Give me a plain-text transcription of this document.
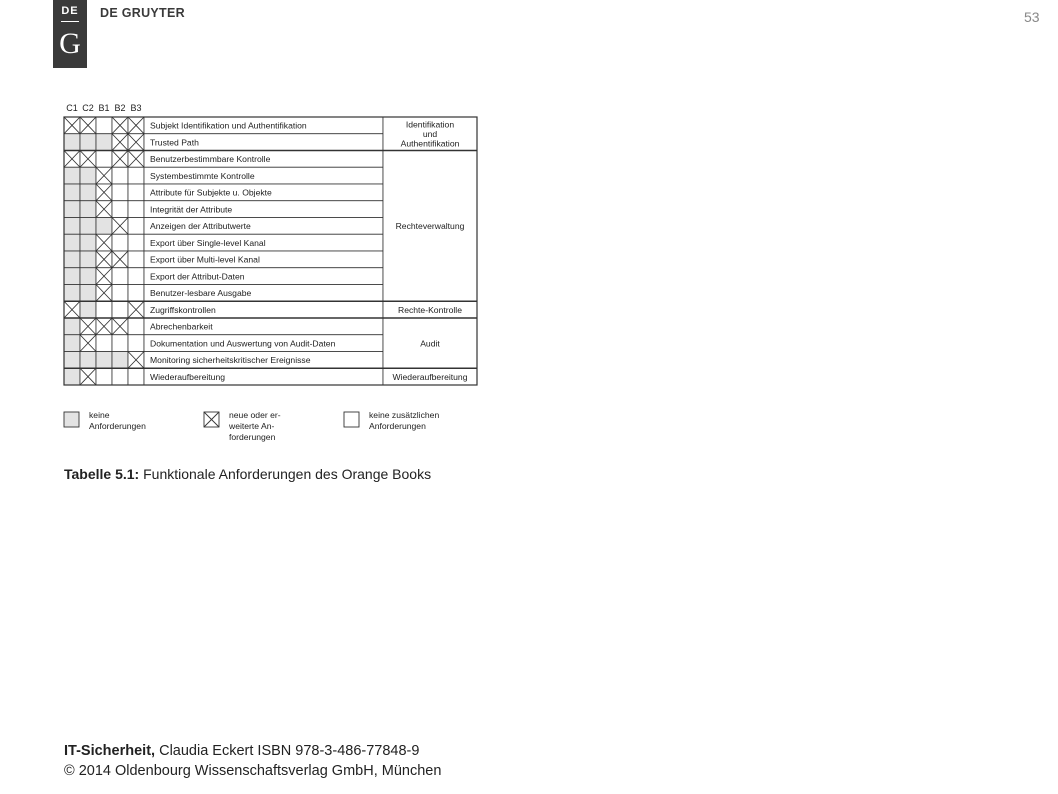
DE
G
DE GRUYTER	53
C1 C2 B1 B2 B3
Subjekt Identifikation und Authentifikation
Trusted Path
Benutzerbestimmbare Kontrolle
Systembestimmte Kontrolle
Attribute für Subjekte u. Objekte
Integrität der Attribute
Anzeigen der Attributwerte
Export über Single-level Kanal
Export über Multi-level Kanal
Export der Attribut-Daten
Benutzer-lesbare Ausgabe
Zugriffskontrollen
Abrechenbarkeit
Dokumentation und Auswertung von Audit-Daten
Monitoring sicherheitskritischer Ereignisse
Wiederaufbereitung
Identifikation
und
Authentifikation
Rechteverwaltung
Rechte-Kontrolle
Audit
Wiederaufbereitung
keine
Anforderungen
neue oder er-
weiterte An-
forderungen
keine zusätzlichen
Anforderungen
Tabelle 5.1: Funktionale Anforderungen des Orange Books
IT-Sicherheit, Claudia Eckert ISBN 978-3-486-77848-9
© 2014 Oldenbourg Wissenschaftsverlag GmbH, München
